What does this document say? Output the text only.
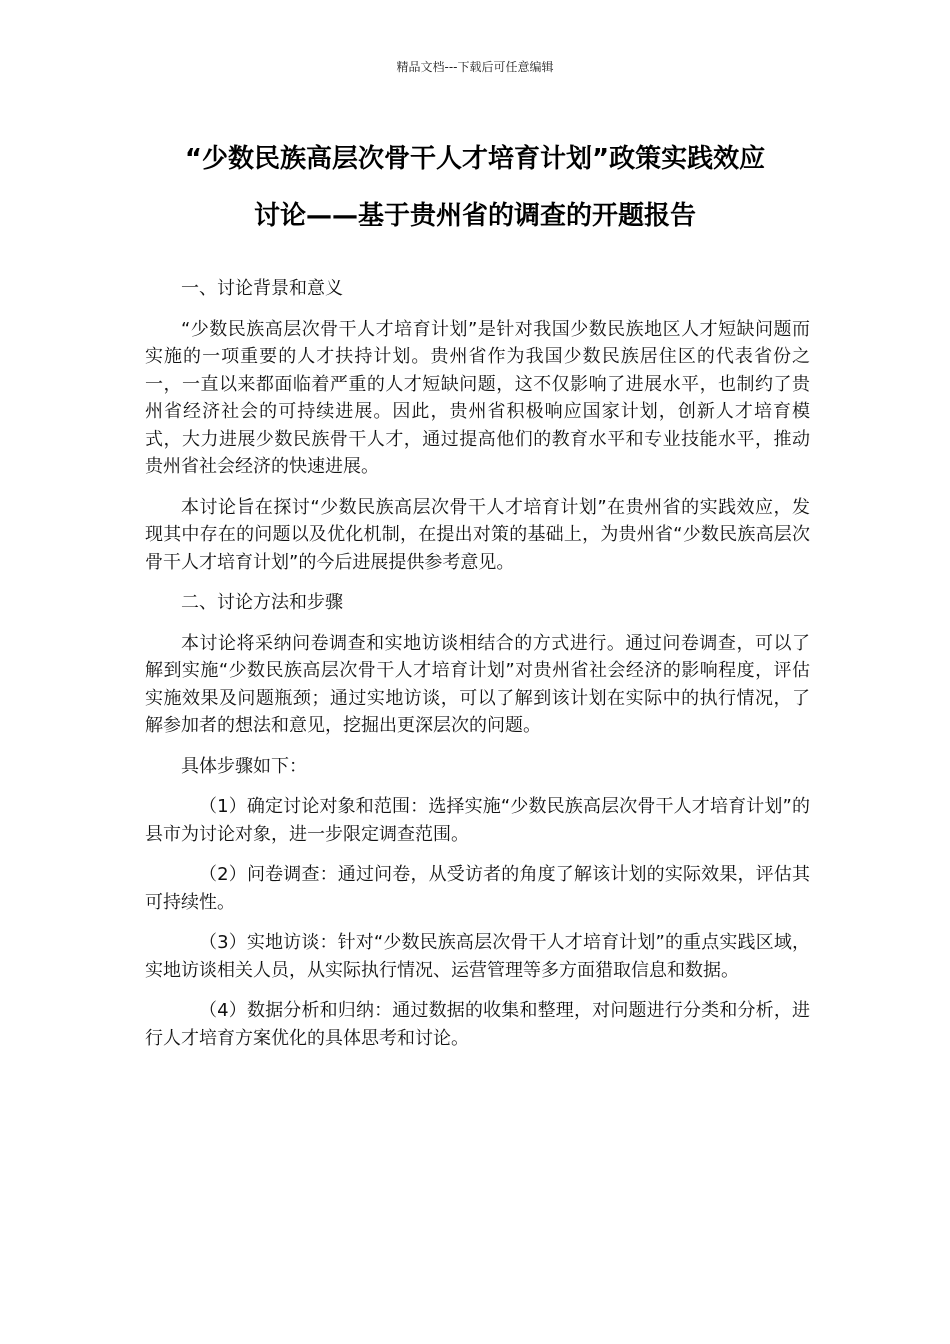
精品文档---下载后可任意编辑
“少数民族高层次骨干人才培育计划”政策实践效应
讨论——基于贵州省的调查的开题报告

一、讨论背景和意义

“少数民族高层次骨干人才培育计划”是针对我国少数民族地区人才短缺问题而实施的一项重要的人才扶持计划。贵州省作为我国少数民族居住区的代表省份之一，一直以来都面临着严重的人才短缺问题，这不仅影响了进展水平，也制约了贵州省经济社会的可持续进展。因此，贵州省积极响应国家计划，创新人才培育模式，大力进展少数民族骨干人才，通过提高他们的教育水平和专业技能水平，推动贵州省社会经济的快速进展。

本讨论旨在探讨“少数民族高层次骨干人才培育计划”在贵州省的实践效应，发现其中存在的问题以及优化机制，在提出对策的基础上，为贵州省“少数民族高层次骨干人才培育计划”的今后进展提供参考意见。

二、讨论方法和步骤

本讨论将采纳问卷调查和实地访谈相结合的方式进行。通过问卷调查，可以了解到实施“少数民族高层次骨干人才培育计划”对贵州省社会经济的影响程度，评估实施效果及问题瓶颈；通过实地访谈，可以了解到该计划在实际中的执行情况，了解参加者的想法和意见，挖掘出更深层次的问题。

具体步骤如下：

（1）确定讨论对象和范围：选择实施“少数民族高层次骨干人才培育计划”的县市为讨论对象，进一步限定调查范围。

（2）问卷调查：通过问卷，从受访者的角度了解该计划的实际效果，评估其可持续性。

（3）实地访谈：针对“少数民族高层次骨干人才培育计划”的重点实践区域，实地访谈相关人员，从实际执行情况、运营管理等多方面猎取信息和数据。

（4）数据分析和归纳：通过数据的收集和整理，对问题进行分类和分析，进行人才培育方案优化的具体思考和讨论。
